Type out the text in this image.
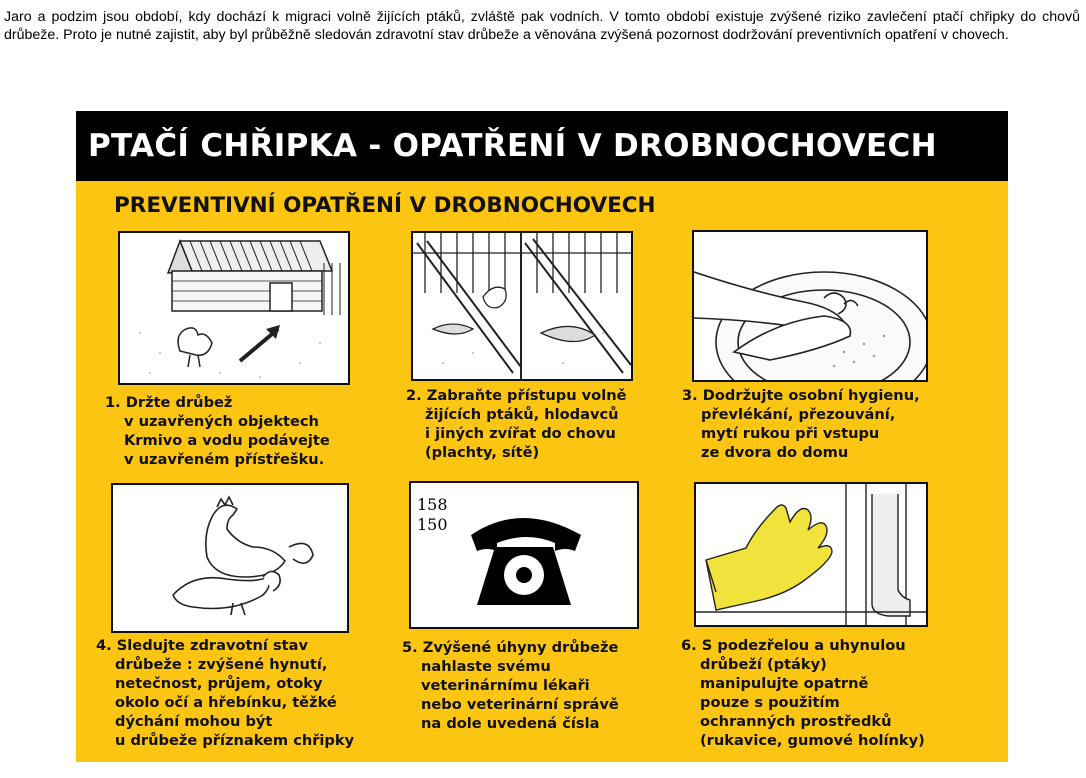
Jaro a podzim jsou období, kdy dochází k migraci volně žijících ptáků, zvláště pak vodních. V tomto období existuje zvýšené riziko zavlečení ptačí chřipky do chovů drůbeže. Proto je nutné zajistit, aby byl průběžně sledován zdravotní stav drůbeže a věnována zvýšená pozornost dodržování preventivních opatření v chovech.

PTAČÍ CHŘIPKA - OPATŘENÍ V DROBNOCHOVECH
PREVENTIVNÍ OPATŘENÍ V DROBNOCHOVECH
1. Držte drůbež
v uzavřených objektech
Krmivo a vodu podávejte
v uzavřeném přístřešku.
2. Zabraňte přístupu volně
žijících ptáků, hlodavců
i jiných zvířat do chovu
(plachty, sítě)
3. Dodržujte osobní hygienu,
převlékání, přezouvání,
mytí rukou při vstupu
ze dvora do domu
4. Sledujte zdravotní stav
drůbeže : zvýšené hynutí,
netečnost, průjem, otoky
okolo očí a hřebínku, těžké
dýchání mohou být
u drůbeže příznakem chřipky
158
150
5. Zvýšené úhyny drůbeže
nahlaste svému
veterinárnímu lékaři
nebo veterinární správě
na dole uvedená čísla
6. S podezřelou a uhynulou
drůbeží (ptáky)
manipulujte opatrně
pouze s použitím
ochranných prostředků
(rukavice, gumové holínky)
